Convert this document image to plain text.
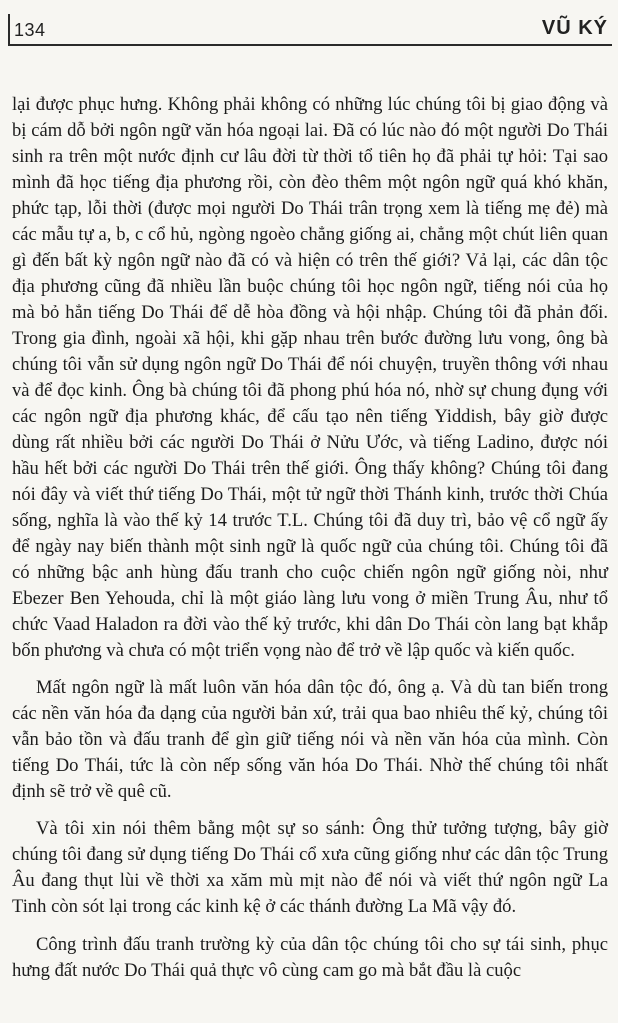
134	VŨ KÝ

lại được phục hưng. Không phải không có những lúc chúng tôi bị giao động và bị cám dỗ bởi ngôn ngữ văn hóa ngoại lai. Đã có lúc nào đó một người Do Thái sinh ra trên một nước định cư lâu đời từ thời tổ tiên họ đã phải tự hỏi: Tại sao mình đã học tiếng địa phương rồi, còn đèo thêm một ngôn ngữ quá khó khăn, phức tạp, lỗi thời (được mọi người Do Thái trân trọng xem là tiếng mẹ đẻ) mà các mẫu tự a, b, c cổ hủ, ngòng ngoèo chẳng giống ai, chẳng một chút liên quan gì đến bất kỳ ngôn ngữ nào đã có và hiện có trên thế giới? Vả lại, các dân tộc địa phương cũng đã nhiều lần buộc chúng tôi học ngôn ngữ, tiếng nói của họ mà bỏ hẳn tiếng Do Thái để dễ hòa đồng và hội nhập. Chúng tôi đã phản đối. Trong gia đình, ngoài xã hội, khi gặp nhau trên bước đường lưu vong, ông bà chúng tôi vẫn sử dụng ngôn ngữ Do Thái để nói chuyện, truyền thông với nhau và để đọc kinh. Ông bà chúng tôi đã phong phú hóa nó, nhờ sự chung đụng với các ngôn ngữ địa phương khác, để cấu tạo nên tiếng Yiddish, bây giờ được dùng rất nhiều bởi các người Do Thái ở Nửu Ước, và tiếng Ladino, được nói hầu hết bởi các người Do Thái trên thế giới. Ông thấy không? Chúng tôi đang nói đây và viết thứ tiếng Do Thái, một tử ngữ thời Thánh kinh, trước thời Chúa sống, nghĩa là vào thế kỷ 14 trước T.L. Chúng tôi đã duy trì, bảo vệ cổ ngữ ấy để ngày nay biến thành một sinh ngữ là quốc ngữ của chúng tôi. Chúng tôi đã có những bậc anh hùng đấu tranh cho cuộc chiến ngôn ngữ giống nòi, như Ebezer Ben Yehouda, chỉ là một giáo làng lưu vong ở miền Trung Âu, như tổ chức Vaad Haladon ra đời vào thế kỷ trước, khi dân Do Thái còn lang bạt khắp bốn phương và chưa có một triển vọng nào để trở về lập quốc và kiến quốc.

Mất ngôn ngữ là mất luôn văn hóa dân tộc đó, ông ạ. Và dù tan biến trong các nền văn hóa đa dạng của người bản xứ, trải qua bao nhiêu thế kỷ, chúng tôi vẫn bảo tồn và đấu tranh để gìn giữ tiếng nói và nền văn hóa của mình. Còn tiếng Do Thái, tức là còn nếp sống văn hóa Do Thái. Nhờ thế chúng tôi nhất định sẽ trở về quê cũ.

Và tôi xin nói thêm bằng một sự so sánh: Ông thử tưởng tượng, bây giờ chúng tôi đang sử dụng tiếng Do Thái cổ xưa cũng giống như các dân tộc Trung Âu đang thụt lùi về thời xa xăm mù mịt nào để nói và viết thứ ngôn ngữ La Tinh còn sót lại trong các kinh kệ ở các thánh đường La Mã vậy đó.

Công trình đấu tranh trường kỳ của dân tộc chúng tôi cho sự tái sinh, phục hưng đất nước Do Thái quả thực vô cùng cam go mà bắt đầu là cuộc
